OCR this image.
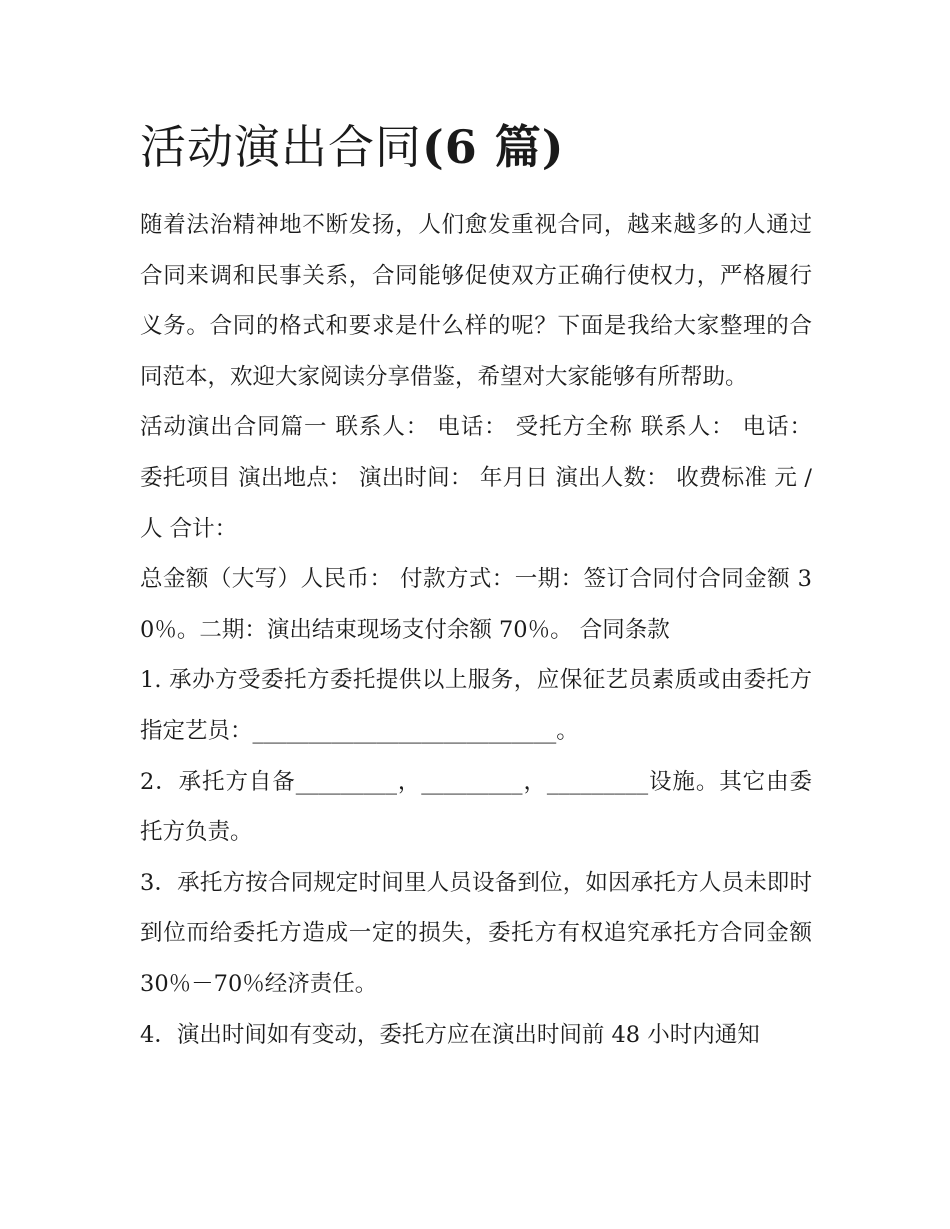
活动演出合同(6 篇)

随着法治精神地不断发扬，人们愈发重视合同，越来越多的人通过合同来调和民事关系，合同能够促使双方正确行使权力，严格履行义务。合同的格式和要求是什么样的呢？下面是我给大家整理的合同范本，欢迎大家阅读分享借鉴，希望对大家能够有所帮助。

活动演出合同篇一 联系人： 电话： 受托方全称 联系人： 电话： 委托项目 演出地点： 演出时间： 年月日 演出人数： 收费标准 元 / 人 合计：

总金额（大写）人民币： 付款方式：一期：签订合同付合同金额 30％。二期：演出结束现场支付余额 70％。 合同条款

1. 承办方受委托方委托提供以上服务，应保征艺员素质或由委托方指定艺员：___________________________。

2．承托方自备_________，_________，_________设施。其它由委托方负责。

3．承托方按合同规定时间里人员设备到位，如因承托方人员未即时到位而给委托方造成一定的损失，委托方有权追究承托方合同金额 30％－70％经济责任。

4．演出时间如有变动，委托方应在演出时间前 48 小时内通知
